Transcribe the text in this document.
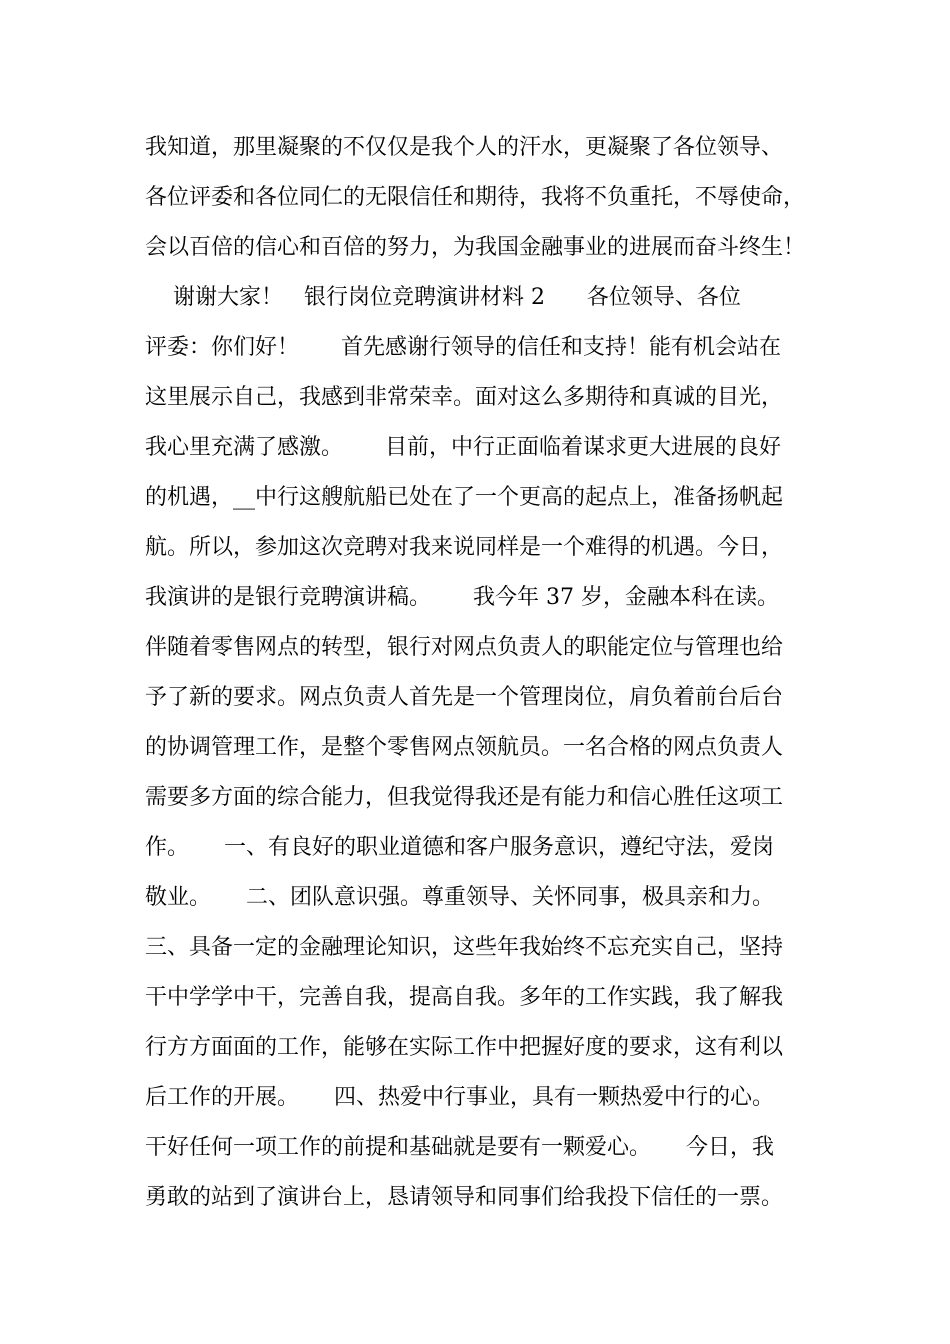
我知道，那里凝聚的不仅仅是我个人的汗水，更凝聚了各位领导、
各位评委和各位同仁的无限信任和期待，我将不负重托，不辱使命，
会以百倍的信心和百倍的努力，为我国金融事业的进展而奋斗终生！
谢谢大家！   银行岗位竞聘演讲材料 2      各位领导、各位
评委：你们好！      首先感谢行领导的信任和支持！能有机会站在
这里展示自己，我感到非常荣幸。面对这么多期待和真诚的目光，
我心里充满了感激。      目前，中行正面临着谋求更大进展的良好
的机遇，__中行这艘航船已处在了一个更高的起点上，准备扬帆起
航。所以，参加这次竞聘对我来说同样是一个难得的机遇。今日，
我演讲的是银行竞聘演讲稿。      我今年 37 岁，金融本科在读。
伴随着零售网点的转型，银行对网点负责人的职能定位与管理也给
予了新的要求。网点负责人首先是一个管理岗位，肩负着前台后台
的协调管理工作，是整个零售网点领航员。一名合格的网点负责人
需要多方面的综合能力，但我觉得我还是有能力和信心胜任这项工
作。     一、有良好的职业道德和客户服务意识，遵纪守法，爱岗
敬业。     二、团队意识强。尊重领导、关怀同事，极具亲和力。
三、具备一定的金融理论知识，这些年我始终不忘充实自己，坚持
干中学学中干，完善自我，提高自我。多年的工作实践，我了解我
行方方面面的工作，能够在实际工作中把握好度的要求，这有利以
后工作的开展。     四、热爱中行事业，具有一颗热爱中行的心。
干好任何一项工作的前提和基础就是要有一颗爱心。     今日，我
勇敢的站到了演讲台上，恳请领导和同事们给我投下信任的一票。
